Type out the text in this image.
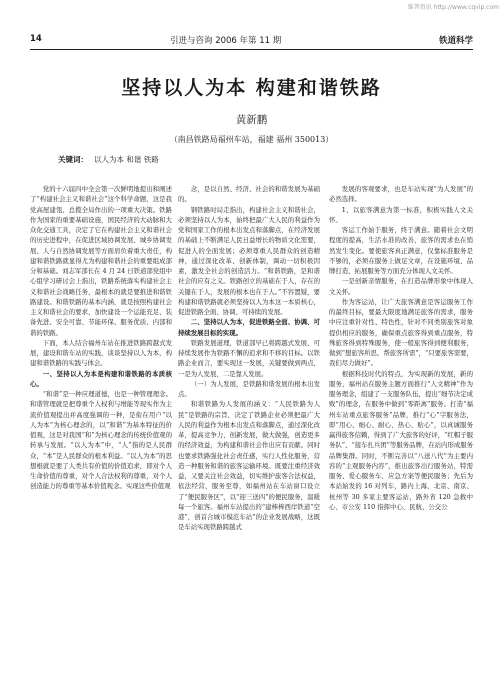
维普资讯 http://www.cqvip.com
14	引进与咨询 2006 年第 11 期	铁道科学
坚持以人为本 构建和谐铁路
黄新鹏
（南昌铁路局福州车站，福建 福州 350013）
关键词： 以人为本 和谐 铁路

党的十六届四中全会第一次鲜明地提出和阐述了“构建社会主义和谐社会”这个科学命题，这是我党高屋建瓴、总揽全局作出的一项重大决策。铁路作为国家的重要基础设施，国民经济的大动脉和大众化交通工具，决定了它在构建社会主义和谐社会的历史进程中，在促进区域协调发展、城乡协调发展、人与自然协调发展等方面肩负着重大责任，构建和谐铁路就显得尤为构建和谐社会的重要组成部分和基础。刘志军部长在 4 月 24 日铁道部党组中心组学习研讨会上指出，铁路系统落实构建社会主义和谐社会战略任务，最根本的就是要推进和谐铁路建设。和谐铁路的基本内涵，就是按照构建社会主义和谐社会的要求，加快建设一个运能充足、装备先进、安全可靠、节能环保、服务优质、内部和谐的铁路。

下面，本人结合福州车站在推进铁路跨越式发展，建设和谐车站的实践，谈谈坚持以人为本，构建和谐铁路的实践与体会。

一、坚持以人为本是构建和谐铁路的本质核心。

“和谐”是一种应理道德，也是一种管理理念。和谐管理就是把尊重个人权利与增能等现实作为主流价值观提出并高度强调的一种，是衔在用户“以人为本”为核心理念的，以“和谐”为基本特征的价值观，这是对我国“和”为核心理念的传统价值观的转承与发展。“以人为本”中，“人”指的是人民群众，“本”是人民群众的根本利益。“以人为本”的思想根就是要了人类共有价值的价值追求，即对个人生命价值的尊重，对个人合法权利的尊重，对个人创造能力的尊重等基本价值观念。实现这些价值观

念，是以自然、经济、社会的和谐发展为基础的。

钢铁路时局走指出，构建社会主义和谐社会，必须坚持以人为本，始终把最广大人民的利益作为党和国家工作的根本出发点和落脚点，在经济发展的基础上不断满足人民日益增长的物质文化需要，促进人的全面发展；必须尊重人民群众的创造精神，通过深化改革、创新体制，调动一切积极因素，激发全社会的创造活力。“和谐铁路，是和谐社会的应有之义。铁路创立的基础在于人，存在的关键在于人，发展的根本也在于人。”不容置疑，要构建和谐铁路就必须坚持以人为本这一本质核心，促进铁路全面、协调、可持续的发展。

二、坚持以人为本，促进铁路全面、协调、可持续发展目标的实现。

铁路发展道理，铁道部早已将跨越式发展、可持续发展作为铁路不懈的追求和不移的目标。以铁路企业而言，要实现这一发展，关键要做到两点，一是为人发展，二是靠人发展。

（一）为人发展，是铁路和谐发展的根本出发点。

和谐铁路为人发展的涵义：“人民铁路为人民”是铁路的宗旨，决定了铁路企业必须把最广大人民的利益作为根本出发点和落脚点，通过深化改革，提高竞争力，创新发展，做大做强，创造更多的经济效益，为构建和谐社会作出应有贡献。同时也要求铁路强化社会责任感，实行人性化服务，营造一种服务和谐的旅客运输环境。既要注重经济效益，又要关注社会效益，切实维护旅客合法权益，依法经营，服务至尊，如福州站在车站窗口设立了“便民服务区”，以“迎三送四”的便民服务，温暖每一个旅客。福州车站提出的“建棒棒西岸铁道“空港”，创首合城市模范车站”的企业发展战略，这既是车站实现铁路跨越式

发展的客观要求，也是车站实现“为人发展”的必然选择。

1、以旅客满意为第一标准，积极实践人文关怀。

客运工作始于服务，终于满意。随着社会文明程度的提高，生活水准的改善，旅客的需求也在悄然发生变化。要使旅客真正满意，仅靠标准服务是不够的，必须在服务上做足文章，在设施环境、品牌打造、拓展服务等方面充分体现人文关怀。

一是创新亲情服务，在打造品牌形象中体现人文关怀。

作为客运站，让广大旅客满意是客运服务工作的最终目标，要最大限度地满足旅客的需求，服务中应注重针对性、特色性，针对不同类别旅客对象提供相应的服务，确保重点旅客得到重点服务，特殊旅客得到特殊服务，使一般旅客得到便利服务，做到“想旅客所思，帮旅客所需”，“只要旅客需要，我们尽力做好”。

根据科技时代的特点，为实现新的发展，新的服务，福州站在服务主题方面推行“人文精神”作为服务理念，组建了一支服务队伍，提出“细节决定成败”的理念，在服务中做到“零距离”服务。打造“福州车站重点旅客服务”品牌，推行“心”字服务法，即“用心、细心、耐心、热心、贴心”，以真诚服务赢得旅客信赖，得到了广大旅客的好评，“红帽子服务队”、“接车扎兵团”等服务品牌，在站内形成服务品牌集群。同时，不断完善以“八送八代”为主要内容的“主观服务内容”，推出旅客出行服务站，特需服务、爱心服务车、应急方案等便民服务；先后为本站始发的 16 对列车，路内上海、北京、南京、杭州等 30 多家主要客运站，路外省 120 急救中心、市公安 110 指挥中心、民航、公交公
